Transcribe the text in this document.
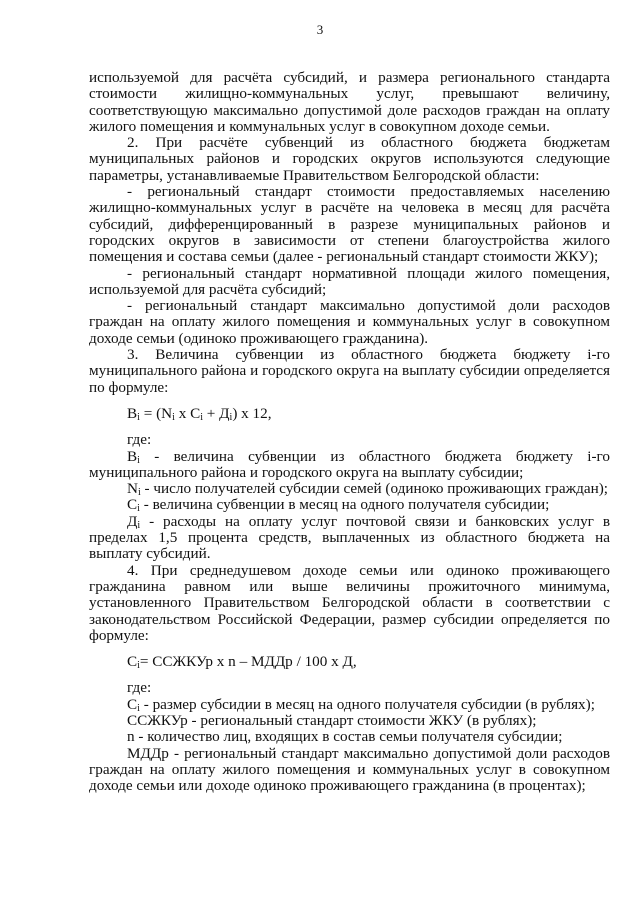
3

используемой для расчёта субсидий, и размера регионального стандарта стоимости жилищно-коммунальных услуг, превышают величину, соответствующую максимально допустимой доле расходов граждан на оплату жилого помещения и коммунальных услуг в совокупном доходе семьи.

2. При расчёте субвенций из областного бюджета бюджетам муниципальных районов и городских округов используются следующие параметры, устанавливаемые Правительством Белгородской области:

- региональный стандарт стоимости предоставляемых населению жилищно-коммунальных услуг в расчёте на человека в месяц для расчёта субсидий, дифференцированный в разрезе муниципальных районов и городских округов в зависимости от степени благоустройства жилого помещения и состава семьи (далее - региональный стандарт стоимости ЖКУ);

- региональный стандарт нормативной площади жилого помещения, используемой для расчёта субсидий;

- региональный стандарт максимально допустимой доли расходов граждан на оплату жилого помещения и коммунальных услуг в совокупном доходе семьи (одиноко проживающего гражданина).

3. Величина субвенции из областного бюджета бюджету i-го муниципального района и городского округа на выплату субсидии определяется по формуле:

$B_i = (N_i$ x $C_i + Д_i$) x 12,

где:

$B_i$ - величина субвенции из областного бюджета бюджету i-го муниципального района и городского округа на выплату субсидии;

$N_i$ - число получателей субсидии семей (одиноко проживающих граждан);

$C_i$ - величина субвенции в месяц на одного получателя субсидии;

$Д_i$ - расходы на оплату услуг почтовой связи и банковских услуг в пределах 1,5 процента средств, выплаченных из областного бюджета на выплату субсидий.

4. При среднедушевом доходе семьи или одиноко проживающего гражданина равном или выше величины прожиточного минимума, установленного Правительством Белгородской области в соответствии с законодательством Российской Федерации, размер субсидии определяется по формуле:

$C_i=$ ССЖКУр x n – МДДр / 100 x Д,

где:

$C_i$ - размер субсидии в месяц на одного получателя субсидии (в рублях);

ССЖКУр - региональный стандарт стоимости ЖКУ (в рублях);

n - количество лиц, входящих в состав семьи получателя субсидии;

МДДр - региональный стандарт максимально допустимой доли расходов граждан на оплату жилого помещения и коммунальных услуг в совокупном доходе семьи или доходе одиноко проживающего гражданина (в процентах);
